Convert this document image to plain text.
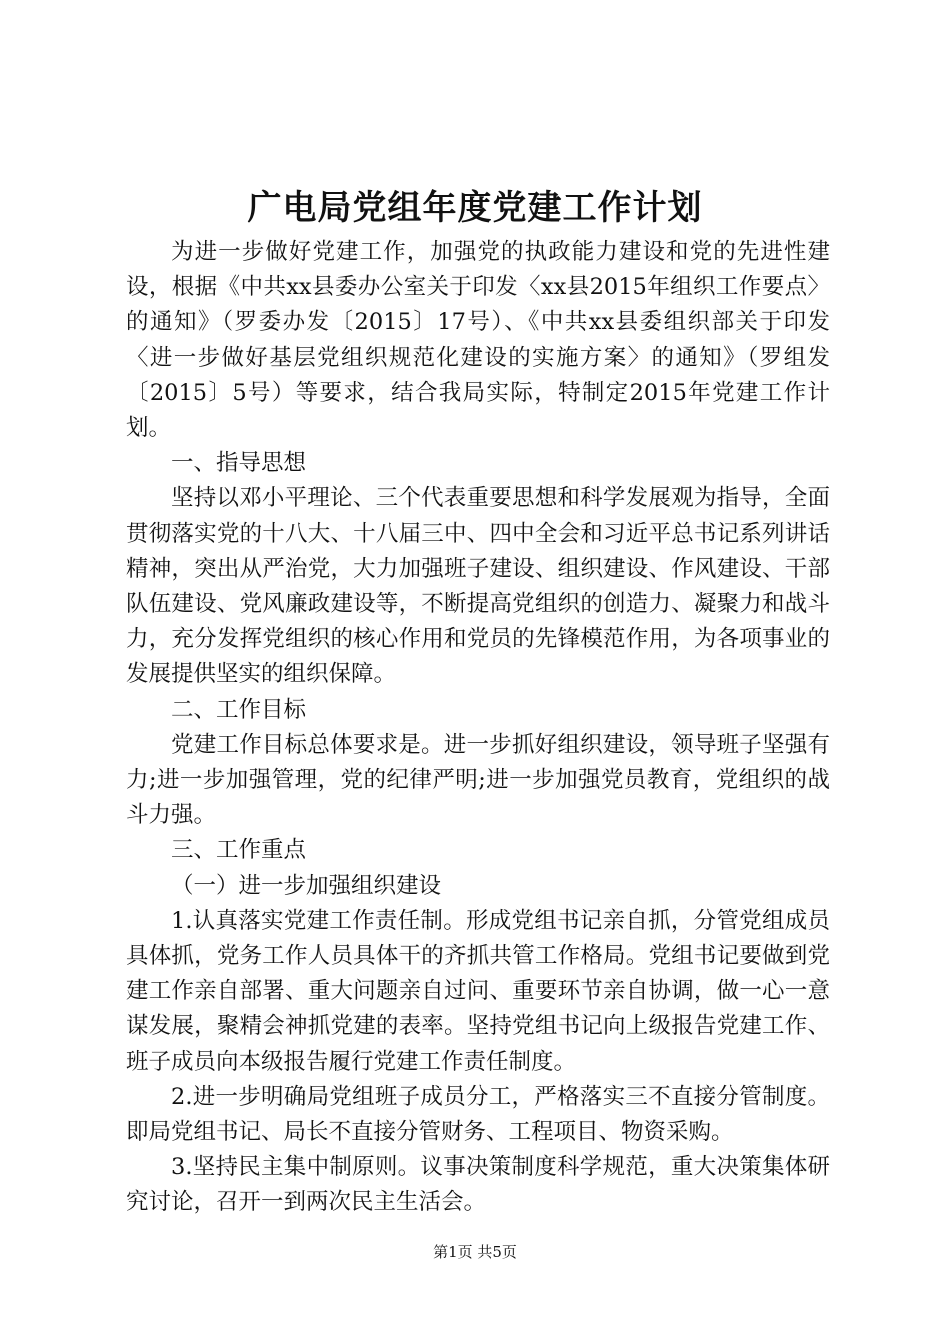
广电局党组年度党建工作计划

为进一步做好党建工作，加强党的执政能力建设和党的先进性建设，根据《中共xx县委办公室关于印发〈xx县2015年组织工作要点〉的通知》（罗委办发〔2015〕17号）、《中共xx县委组织部关于印发〈进一步做好基层党组织规范化建设的实施方案〉的通知》（罗组发〔2015〕5号）等要求，结合我局实际，特制定2015年党建工作计划。

一、指导思想

坚持以邓小平理论、三个代表重要思想和科学发展观为指导，全面贯彻落实党的十八大、十八届三中、四中全会和习近平总书记系列讲话精神，突出从严治党，大力加强班子建设、组织建设、作风建设、干部队伍建设、党风廉政建设等，不断提高党组织的创造力、凝聚力和战斗力，充分发挥党组织的核心作用和党员的先锋模范作用，为各项事业的发展提供坚实的组织保障。

二、工作目标

党建工作目标总体要求是。进一步抓好组织建设，领导班子坚强有力;进一步加强管理，党的纪律严明;进一步加强党员教育，党组织的战斗力强。

三、工作重点

（一）进一步加强组织建设

1.认真落实党建工作责任制。形成党组书记亲自抓，分管党组成员具体抓，党务工作人员具体干的齐抓共管工作格局。党组书记要做到党建工作亲自部署、重大问题亲自过问、重要环节亲自协调，做一心一意谋发展，聚精会神抓党建的表率。坚持党组书记向上级报告党建工作、班子成员向本级报告履行党建工作责任制度。

2.进一步明确局党组班子成员分工，严格落实三不直接分管制度。即局党组书记、局长不直接分管财务、工程项目、物资采购。

3.坚持民主集中制原则。议事决策制度科学规范，重大决策集体研究讨论，召开一到两次民主生活会。

第1页 共5页
